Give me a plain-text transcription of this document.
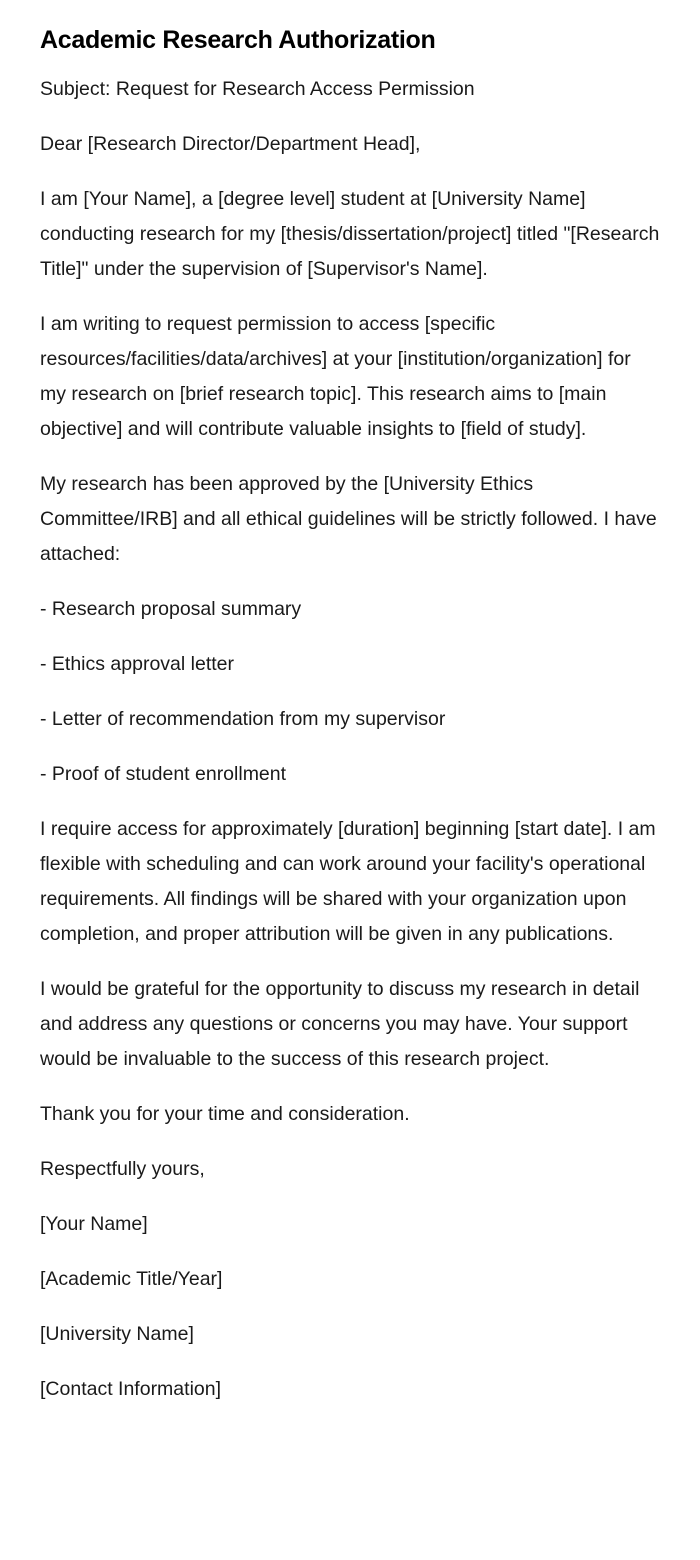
Academic Research Authorization

Subject: Request for Research Access Permission

Dear [Research Director/Department Head],

I am [Your Name], a [degree level] student at [University Name] conducting research for my [thesis/dissertation/project] titled "[Research Title]" under the supervision of [Supervisor's Name].

I am writing to request permission to access [specific resources/facilities/data/archives] at your [institution/organization] for my research on [brief research topic]. This research aims to [main objective] and will contribute valuable insights to [field of study].

My research has been approved by the [University Ethics Committee/IRB] and all ethical guidelines will be strictly followed. I have attached:

- Research proposal summary

- Ethics approval letter

- Letter of recommendation from my supervisor

- Proof of student enrollment

I require access for approximately [duration] beginning [start date]. I am flexible with scheduling and can work around your facility's operational requirements. All findings will be shared with your organization upon completion, and proper attribution will be given in any publications.

I would be grateful for the opportunity to discuss my research in detail and address any questions or concerns you may have. Your support would be invaluable to the success of this research project.

Thank you for your time and consideration.

Respectfully yours,

[Your Name]

[Academic Title/Year]

[University Name]

[Contact Information]
